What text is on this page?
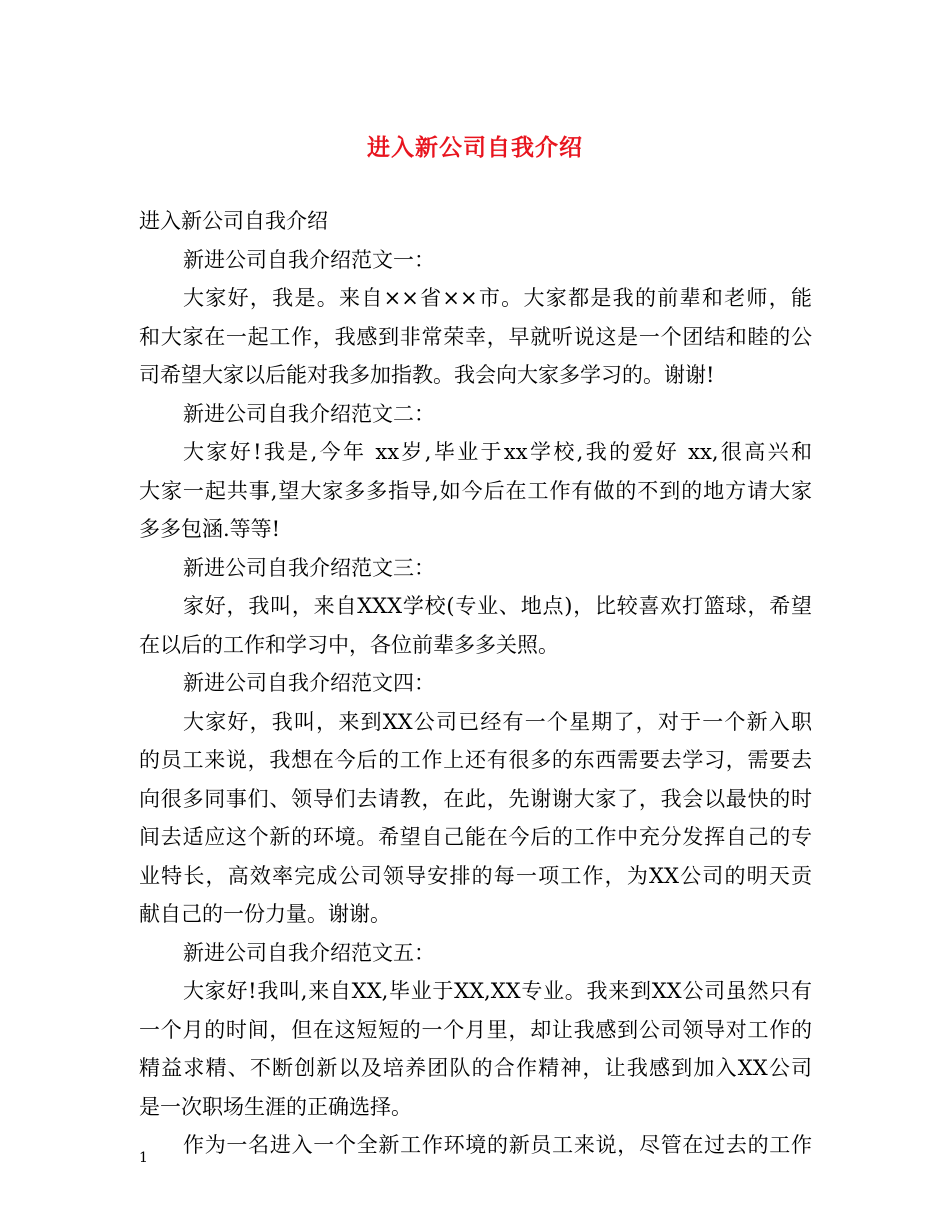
进入新公司自我介绍
进入新公司自我介绍
新进公司自我介绍范文一：
大家好，我是。来自××省××市。大家都是我的前辈和老师，能
和大家在一起工作，我感到非常荣幸，早就听说这是一个团结和睦的公
司希望大家以后能对我多加指教。我会向大家多学习的。谢谢!
新进公司自我介绍范文二：
大家好!我是,今年 xx岁,毕业于xx学校,我的爱好 xx,很高兴和
大家一起共事,望大家多多指导,如今后在工作有做的不到的地方请大家
多多包涵.等等!
新进公司自我介绍范文三：
家好，我叫，来自XXX学校(专业、地点)，比较喜欢打篮球，希望
在以后的工作和学习中，各位前辈多多关照。
新进公司自我介绍范文四：
大家好，我叫，来到XX公司已经有一个星期了，对于一个新入职
的员工来说，我想在今后的工作上还有很多的东西需要去学习，需要去
向很多同事们、领导们去请教，在此，先谢谢大家了，我会以最快的时
间去适应这个新的环境。希望自己能在今后的工作中充分发挥自己的专
业特长，高效率完成公司领导安排的每一项工作，为XX公司的明天贡
献自己的一份力量。谢谢。
新进公司自我介绍范文五：
大家好!我叫,来自XX,毕业于XX,XX专业。我来到XX公司虽然只有
一个月的时间，但在这短短的一个月里，却让我感到公司领导对工作的
精益求精、不断创新以及培养团队的合作精神，让我感到加入XX公司
是一次职场生涯的正确选择。
作为一名进入一个全新工作环境的新员工来说，尽管在过去的工作
1
